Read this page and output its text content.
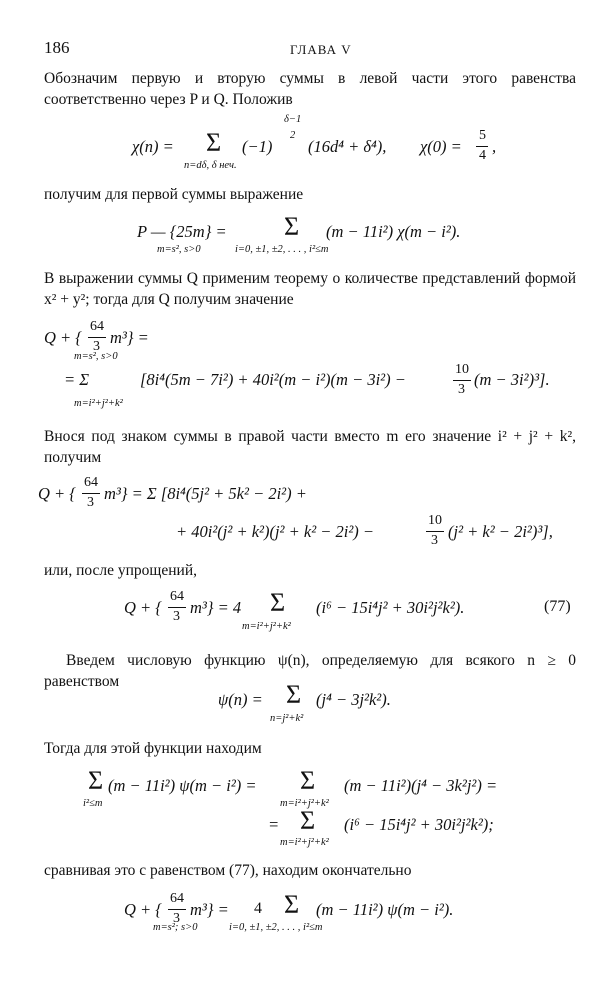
186	ГЛАВА V
Обозначим первую и вторую суммы в левой части этого равенства соответственно через P и Q. Положив
χ(n) = Σ (−1)
δ−1
2
(16d⁴ + δ⁴),
n=dδ, δ неч.
χ(0) =
5
4 ,
получим для первой суммы выражение
P — {25m} = Σ (m − 11i²) χ(m − i²).
m=s², s>0	i=0, ±1, ±2, . . . , i²≤m
В выражении суммы Q применим теорему о количестве представлений формой x² + y²; тогда для Q получим значение
Q + {
64
3 m³} =
m=s², s>0
= Σ	[8i⁴(5m − 7i²) + 40i²(m − i²)(m − 3i²) −
10
3
(m − 3i²)³].
m=i²+j²+k²
Внося под знаком суммы в правой части вместо m его значение i² + j² + k², получим
Q + {
64
3 m³} = Σ [8i⁴(5j² + 5k² − 2i²) +
+ 40i²(j² + k²)(j² + k² − 2i²) −
10
3 (j² + k² − 2i²)³],
или, после упрощений,
Q + {
64
3 m³} = 4 Σ (i⁶ − 15i⁴j² + 30i²j²k²).
m=i²+j²+k²
(77)
Введем числовую функцию ψ(n), определяемую для всякого n ≥ 0 равенством
ψ(n) = Σ (j⁴ − 3j²k²).
n=j²+k²
Тогда для этой функции находим
Σ (m − 11i²) ψ(m − i²) =
i²≤m
Σ (m − 11i²)(j⁴ − 3k²j²) =
m=i²+j²+k²
= Σ (i⁶ − 15i⁴j² + 30i²j²k²);
m=i²+j²+k²
сравнивая это с равенством (77), находим окончательно
Q + {
64
3 m³} = 4 Σ (m − 11i²) ψ(m − i²).
m=s²; s>0	i=0, ±1, ±2, . . . , i²≤m
